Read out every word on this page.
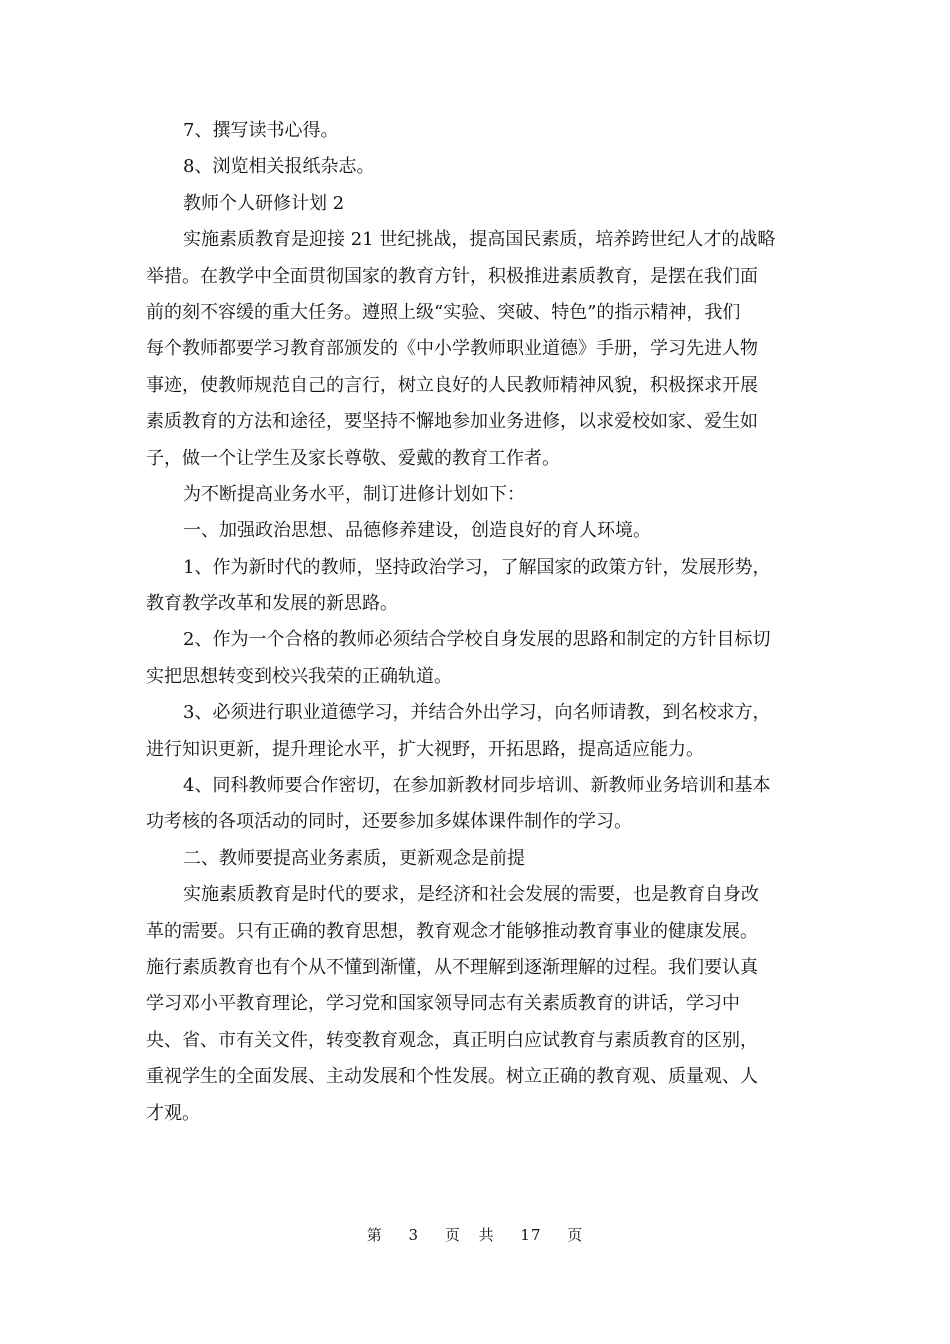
7、撰写读书心得。
8、浏览相关报纸杂志。
教师个人研修计划 2
实施素质教育是迎接 21 世纪挑战，提高国民素质，培养跨世纪人才的战略
举措。在教学中全面贯彻国家的教育方针，积极推进素质教育，是摆在我们面
前的刻不容缓的重大任务。遵照上级“实验、突破、特色”的指示精神，我们
每个教师都要学习教育部颁发的《中小学教师职业道德》手册，学习先进人物
事迹，使教师规范自己的言行，树立良好的人民教师精神风貌，积极探求开展
素质教育的方法和途径，要坚持不懈地参加业务进修，以求爱校如家、爱生如
子，做一个让学生及家长尊敬、爱戴的教育工作者。
为不断提高业务水平，制订进修计划如下：
一、加强政治思想、品德修养建设，创造良好的育人环境。
1、作为新时代的教师，坚持政治学习，了解国家的政策方针，发展形势，
教育教学改革和发展的新思路。
2、作为一个合格的教师必须结合学校自身发展的思路和制定的方针目标切
实把思想转变到校兴我荣的正确轨道。
3、必须进行职业道德学习，并结合外出学习，向名师请教，到名校求方，
进行知识更新，提升理论水平，扩大视野，开拓思路，提高适应能力。
4、同科教师要合作密切，在参加新教材同步培训、新教师业务培训和基本
功考核的各项活动的同时，还要参加多媒体课件制作的学习。
二、教师要提高业务素质，更新观念是前提
实施素质教育是时代的要求，是经济和社会发展的需要，也是教育自身改
革的需要。只有正确的教育思想，教育观念才能够推动教育事业的健康发展。
施行素质教育也有个从不懂到渐懂，从不理解到逐渐理解的过程。我们要认真
学习邓小平教育理论，学习党和国家领导同志有关素质教育的讲话，学习中
央、省、市有关文件，转变教育观念，真正明白应试教育与素质教育的区别，
重视学生的全面发展、主动发展和个性发展。树立正确的教育观、质量观、人
才观。
第 3 页 共 17 页
